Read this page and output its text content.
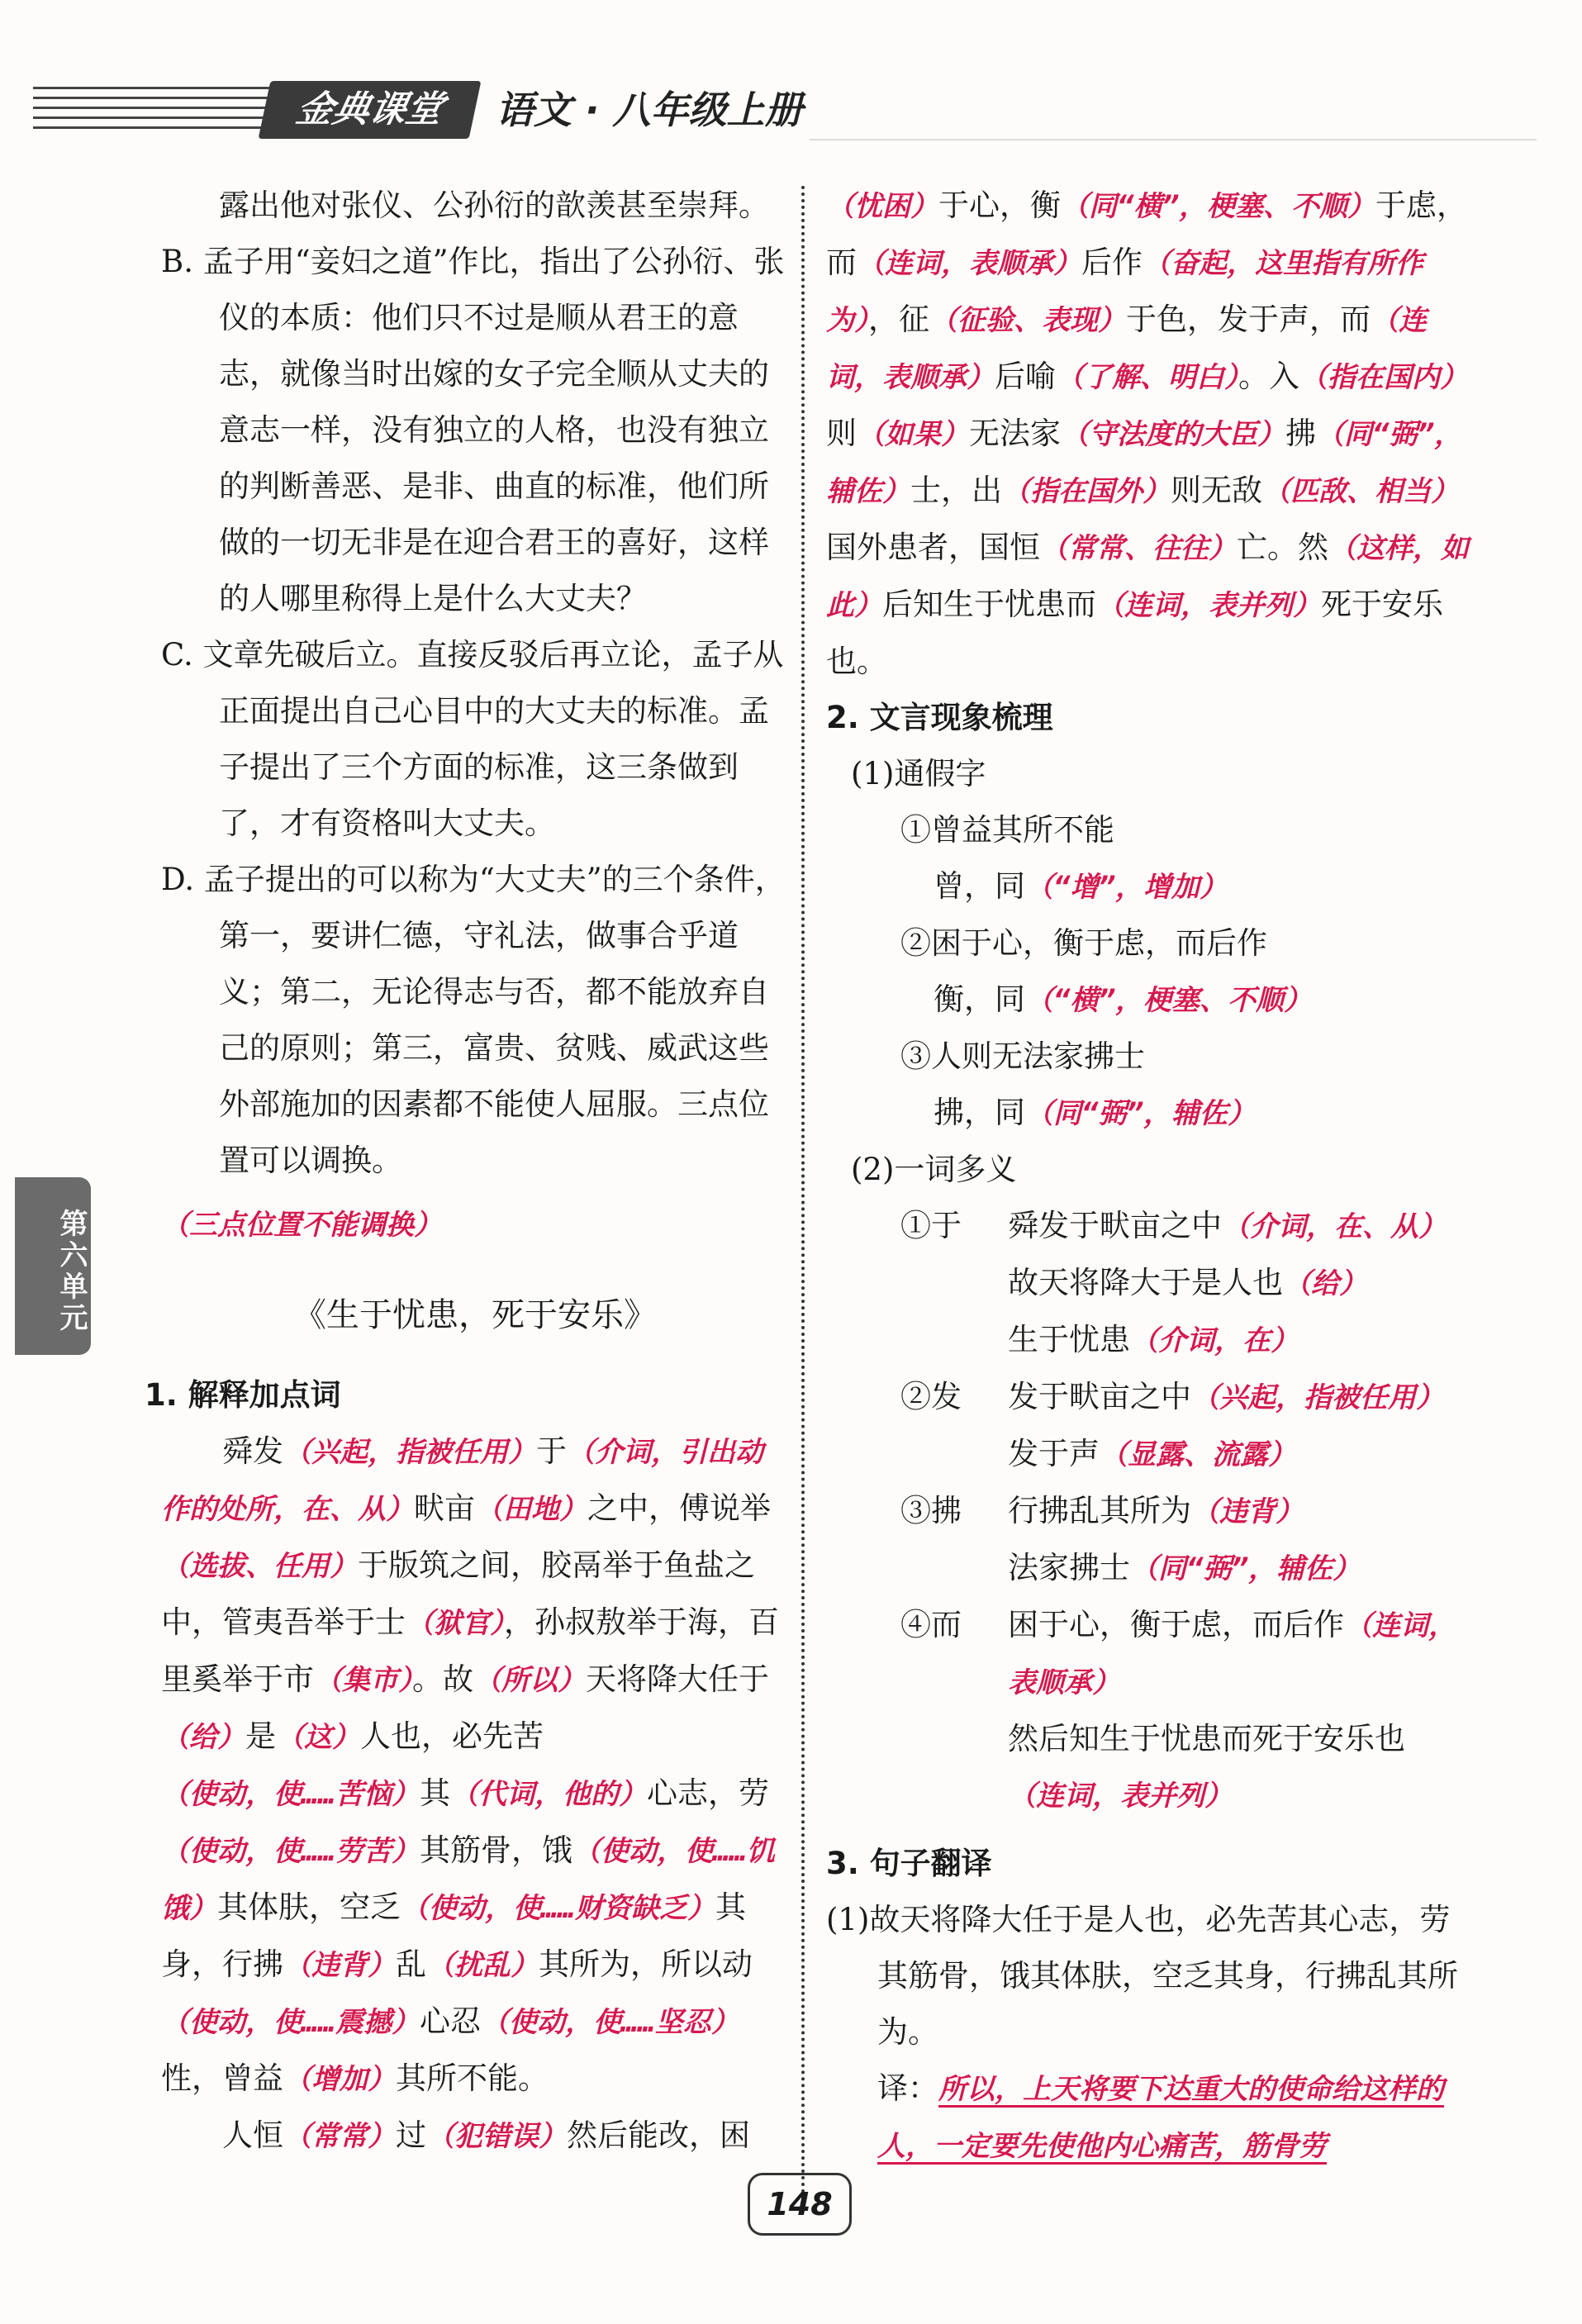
金典课堂	语文 · 八年级上册
第六单元

露出他对张仪、公孙衍的歆羡甚至崇拜。

B. 孟子用“妾妇之道”作比，指出了公孙衍、张仪的本质：他们只不过是顺从君王的意志，就像当时出嫁的女子完全顺从丈夫的意志一样，没有独立的人格，也没有独立的判断善恶、是非、曲直的标准，他们所做的一切无非是在迎合君王的喜好，这样的人哪里称得上是什么大丈夫？

C. 文章先破后立。直接反驳后再立论，孟子从正面提出自己心目中的大丈夫的标准。孟子提出了三个方面的标准，这三条做到了，才有资格叫大丈夫。

D. 孟子提出的可以称为“大丈夫”的三个条件，第一，要讲仁德，守礼法，做事合乎道义；第二，无论得志与否，都不能放弃自己的原则；第三，富贵、贫贱、威武这些外部施加的因素都不能使人屈服。三点位置可以调换。

（三点位置不能调换）

《生于忧患，死于安乐》

1. 解释加点词

舜发（兴起，指被任用）于（介词，引出动作的处所，在、从）畎亩（田地）之中，傅说举（选拔、任用）于版筑之间，胶鬲举于鱼盐之中，管夷吾举于士（狱官），孙叔敖举于海，百里奚举于市（集市）。故（所以）天将降大任于（给）是（这）人也，必先苦（使动，使……苦恼）其（代词，他的）心志，劳（使动，使……劳苦）其筋骨，饿（使动，使……饥饿）其体肤，空乏（使动，使……财资缺乏）其身，行拂（违背）乱（扰乱）其所为，所以动（使动，使……震撼）心忍（使动，使……坚忍）性，曾益（增加）其所不能。

人恒（常常）过（犯错误）然后能改，困

（忧困）于心，衡（同“横”，梗塞、不顺）于虑，而（连词，表顺承）后作（奋起，这里指有所作为），征（征验、表现）于色，发于声，而（连词，表顺承）后喻（了解、明白）。入（指在国内）则（如果）无法家（守法度的大臣）拂（同“弼”，辅佐）士，出（指在国外）则无敌（匹敌、相当）国外患者，国恒（常常、往往）亡。然（这样，如此）后知生于忧患而（连词，表并列）死于安乐也。

2. 文言现象梳理

(1)通假字

①曾益其所不能

曾，同（“增”，增加）

②困于心，衡于虑，而后作

衡，同（“横”，梗塞、不顺）

③人则无法家拂士

拂，同（同“弼”，辅佐）

(2)一词多义

①于 舜发于畎亩之中（介词，在、从）

故天将降大于是人也（给）

生于忧患（介词，在）

②发 发于畎亩之中（兴起，指被任用）

发于声（显露、流露）

③拂 行拂乱其所为（违背）

法家拂士（同“弼”，辅佐）

④而 困于心，衡于虑，而后作（连词，表顺承）

然后知生于忧患而死于安乐也

（连词，表并列）

3. 句子翻译

(1)故天将降大任于是人也，必先苦其心志，劳其筋骨，饿其体肤，空乏其身，行拂乱其所为。

译：所以，上天将要下达重大的使命给这样的人，一定要先使他内心痛苦，筋骨劳

148
